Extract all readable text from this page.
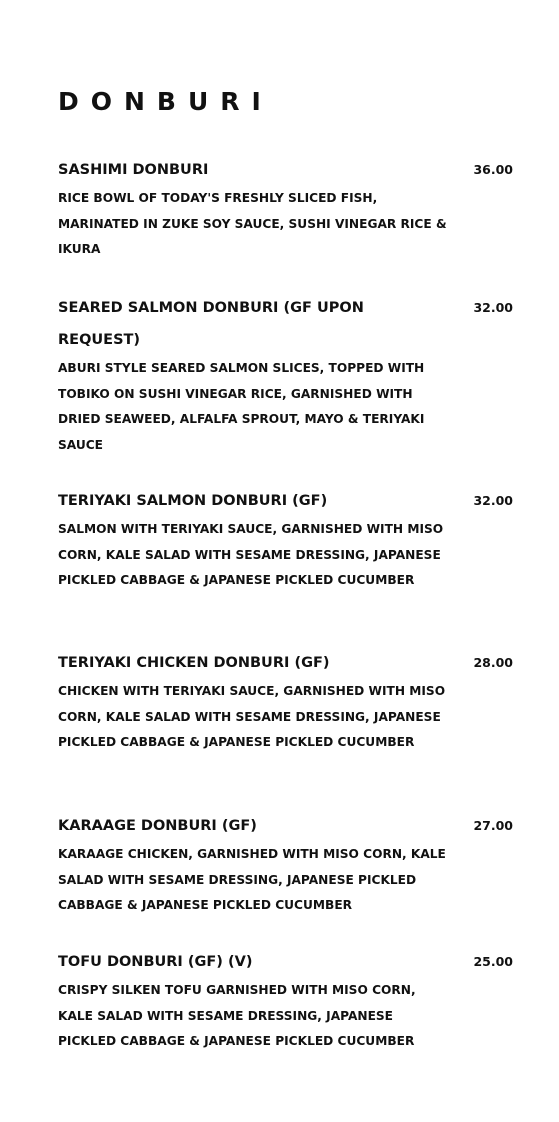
DONBURI
SASHIMI DONBURI	36.00
RICE BOWL OF TODAY'S FRESHLY SLICED FISH, MARINATED IN ZUKE SOY SAUCE, SUSHI VINEGAR RICE & IKURA
SEARED SALMON DONBURI (GF UPON REQUEST)
32.00
ABURI STYLE SEARED SALMON SLICES, TOPPED WITH TOBIKO ON SUSHI VINEGAR RICE, GARNISHED WITH DRIED SEAWEED, ALFALFA SPROUT, MAYO & TERIYAKI SAUCE
TERIYAKI SALMON DONBURI (GF)	32.00
SALMON WITH TERIYAKI SAUCE, GARNISHED WITH MISO CORN, KALE SALAD WITH SESAME DRESSING, JAPANESE PICKLED CABBAGE & JAPANESE PICKLED CUCUMBER
TERIYAKI CHICKEN DONBURI (GF)	28.00
CHICKEN WITH TERIYAKI SAUCE, GARNISHED WITH MISO CORN, KALE SALAD WITH SESAME DRESSING, JAPANESE PICKLED CABBAGE & JAPANESE PICKLED CUCUMBER
KARAAGE DONBURI (GF)	27.00
KARAAGE CHICKEN, GARNISHED WITH MISO CORN, KALE SALAD WITH SESAME DRESSING, JAPANESE PICKLED CABBAGE & JAPANESE PICKLED CUCUMBER
TOFU DONBURI (GF) (V)	25.00
CRISPY SILKEN TOFU GARNISHED WITH MISO CORN, KALE SALAD WITH SESAME DRESSING, JAPANESE PICKLED CABBAGE & JAPANESE PICKLED CUCUMBER
